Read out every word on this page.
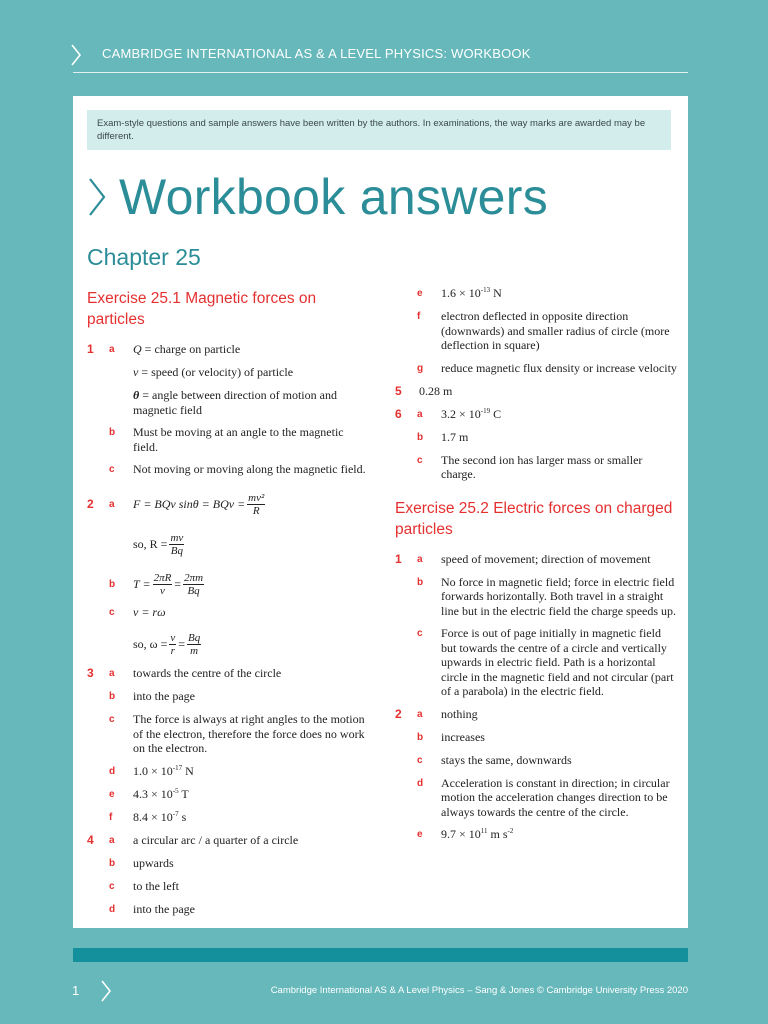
CAMBRIDGE INTERNATIONAL AS & A LEVEL PHYSICS: WORKBOOK
Exam-style questions and sample answers have been written by the authors. In examinations, the way marks are awarded may be different.
Workbook answers
Chapter 25
Exercise 25.1 Magnetic forces on particles
1 a Q = charge on particle
v = speed (or velocity) of particle
θ = angle between direction of motion and magnetic field
b Must be moving at an angle to the magnetic field.
c Not moving or moving along the magnetic field.
2 a F = BQv sinθ = BQv = $\frac{\text{mv²}}{R}$
so, $R = \frac{mv}{Bq}$
b $T = \frac{2\pi R}{v} = \frac{2\pi m}{Bq}$
c v = rω
so, $\omega = \frac{v}{r} = \frac{Bq}{m}$
3 a towards the centre of the circle
b into the page
c The force is always at right angles to the motion of the electron, therefore the force does no work on the electron.
d $1.0 \times 10^{-17}$ N
e $4.3 \times 10^{-5}$ T
f $8.4 \times 10^{-7}$ s
4 a a circular arc / a quarter of a circle
b upwards
c to the left
d into the page
e $1.6 \times 10^{-13}$ N
f electron deflected in opposite direction (downwards) and smaller radius of circle (more deflection in square)
g reduce magnetic flux density or increase velocity
5 0.28 m
6 a $3.2 \times 10^{-19}$ C
b 1.7 m
c The second ion has larger mass or smaller charge.
Exercise 25.2 Electric forces on charged particles
1 a speed of movement; direction of movement
b No force in magnetic field; force in electric field forwards horizontally. Both travel in a straight line but in the electric field the charge speeds up.
c Force is out of page initially in magnetic field but towards the centre of a circle and vertically upwards in electric field. Path is a horizontal circle in the magnetic field and not circular (part of a parabola) in the electric field.
2 a nothing
b increases
c stays the same, downwards
d Acceleration is constant in direction; in circular motion the acceleration changes direction to be always towards the centre of the circle.
e $9.7 \times 10^{11}$ m $s^{-2}$
1	Cambridge International AS & A Level Physics – Sang & Jones © Cambridge University Press 2020
